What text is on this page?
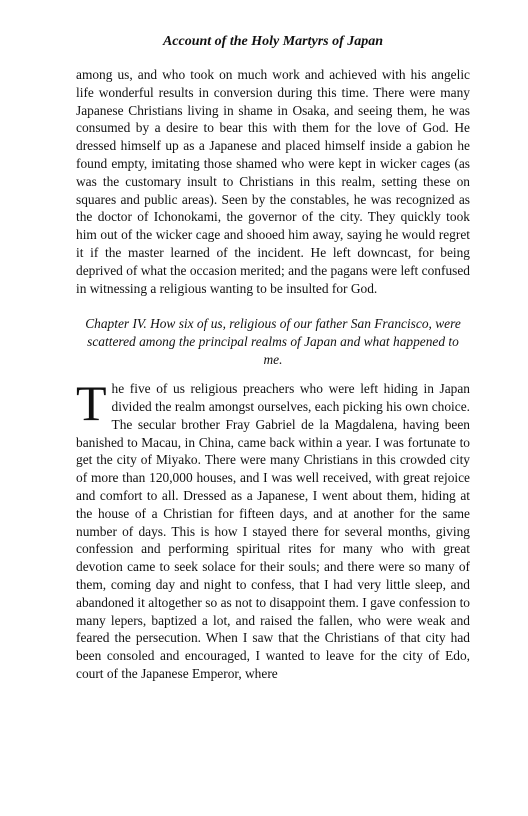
Account of the Holy Martyrs of Japan

among us, and who took on much work and achieved with his angelic life wonderful results in conversion during this time. There were many Japanese Christians living in shame in Osaka, and seeing them, he was consumed by a desire to bear this with them for the love of God. He dressed himself up as a Japanese and placed himself inside a gabion he found empty, imitating those shamed who were kept in wicker cages (as was the customary insult to Christians in this realm, setting these on squares and public areas). Seen by the constables, he was recognized as the doctor of Ichonokami, the governor of the city. They quickly took him out of the wicker cage and shooed him away, saying he would regret it if the master learned of the incident. He left downcast, for being deprived of what the occasion merited; and the pagans were left confused in witnessing a religious wanting to be insulted for God.

Chapter IV. How six of us, religious of our father San Francisco, were scattered among the principal realms of Japan and what happened to me.

The five of us religious preachers who were left hiding in Japan divided the realm amongst ourselves, each picking his own choice. The secular brother Fray Gabriel de la Magdalena, having been banished to Macau, in China, came back within a year. I was fortunate to get the city of Miyako. There were many Christians in this crowded city of more than 120,000 houses, and I was well received, with great rejoice and comfort to all. Dressed as a Japanese, I went about them, hiding at the house of a Christian for fifteen days, and at another for the same number of days. This is how I stayed there for several months, giving confession and performing spiritual rites for many who with great devotion came to seek solace for their souls; and there were so many of them, coming day and night to confess, that I had very little sleep, and abandoned it altogether so as not to disappoint them. I gave confession to many lepers, baptized a lot, and raised the fallen, who were weak and feared the persecution. When I saw that the Christians of that city had been consoled and encouraged, I wanted to leave for the city of Edo, court of the Japanese Emperor, where
